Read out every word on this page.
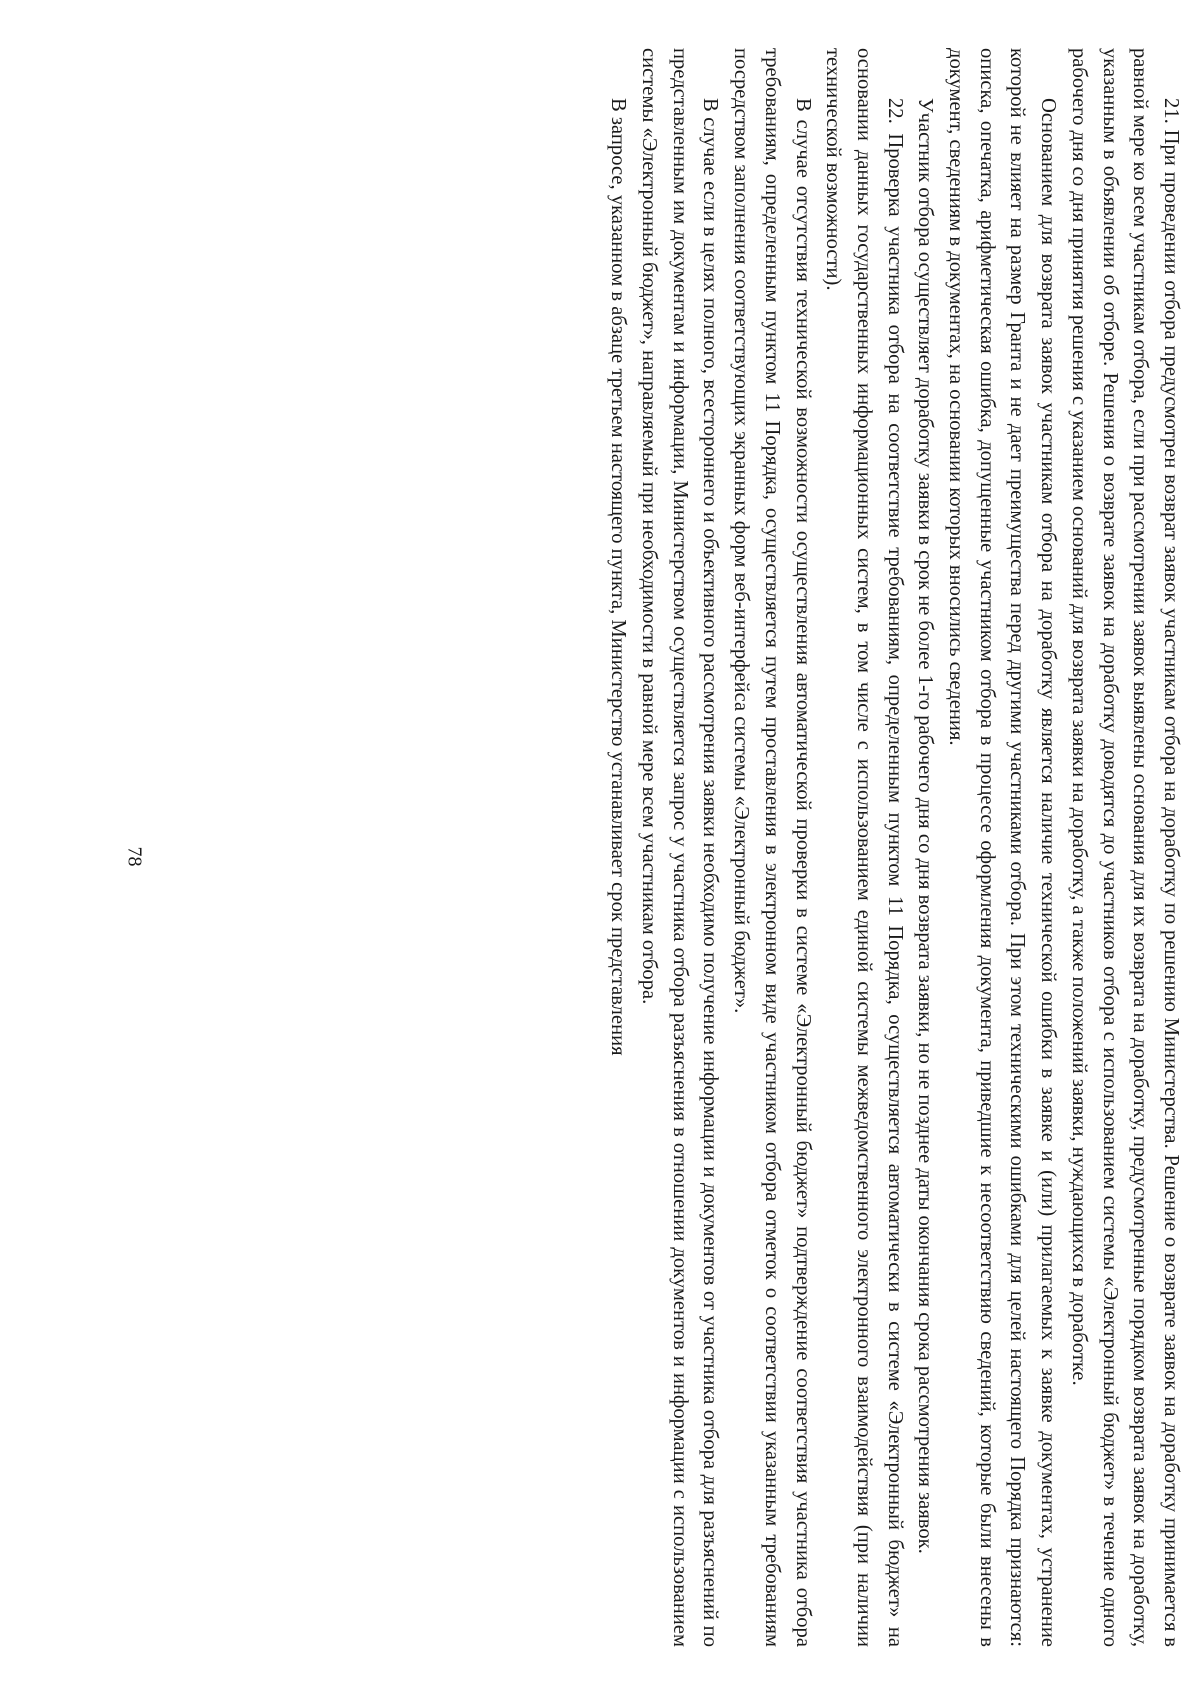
78	21. При проведении отбора предусмотрен возврат заявок участникам отбора на доработку по решению Министерства. Решение о возврате заявок на доработку принимается в равной мере ко всем участникам отбора, если при рассмотрении заявок выявлены основания для их возврата на доработку, предусмотренные порядком возврата заявок на доработку, указанным в объявлении об отборе. Решения о возврате заявок на доработку доводятся до участников отбора с использованием системы «Электронный бюджет» в течение одного рабочего дня со дня принятия решения с указанием оснований для возврата заявки на доработку, а также положений заявки, нуждающихся в доработке.

Основанием для возврата заявок участникам отбора на доработку является наличие технической ошибки в заявке и (или) прилагаемых к заявке документах, устранение которой не влияет на размер Гранта и не дает преимущества перед другими участниками отбора. При этом техническими ошибками для целей настоящего Порядка признаются: описка, опечатка, арифметическая ошибка, допущенные участником отбора в процессе оформления документа, приведшие к несоответствию сведений, которые были внесены в документ, сведениям в документах, на основании которых вносились сведения.

Участник отбора осуществляет доработку заявки в срок не более 1-го рабочего дня со дня возврата заявки, но не позднее даты окончания срока рассмотрения заявок.

22. Проверка участника отбора на соответствие требованиям, определенным пунктом 11 Порядка, осуществляется автоматически в системе «Электронный бюджет» на основании данных государственных информационных систем, в том числе с использованием единой системы межведомственного электронного взаимодействия (при наличии технической возможности).

В случае отсутствия технической возможности осуществления автоматической проверки в системе «Электронный бюджет» подтверждение соответствия участника отбора требованиям, определенным пунктом 11 Порядка, осуществляется путем проставления в электронном виде участником отбора отметок о соответствии указанным требованиям посредством заполнения соответствующих экранных форм веб-интерфейса системы «Электронный бюджет».

В случае если в целях полного, всестороннего и объективного рассмотрения заявки необходимо получение информации и документов от участника отбора для разъяснений по представленным им документам и информации, Министерством осуществляется запрос у участника отбора разъяснения в отношении документов и информации с использованием системы «Электронный бюджет», направляемый при необходимости в равной мере всем участникам отбора.

В запросе, указанном в абзаце третьем настоящего пункта, Министерство устанавливает срок представления
